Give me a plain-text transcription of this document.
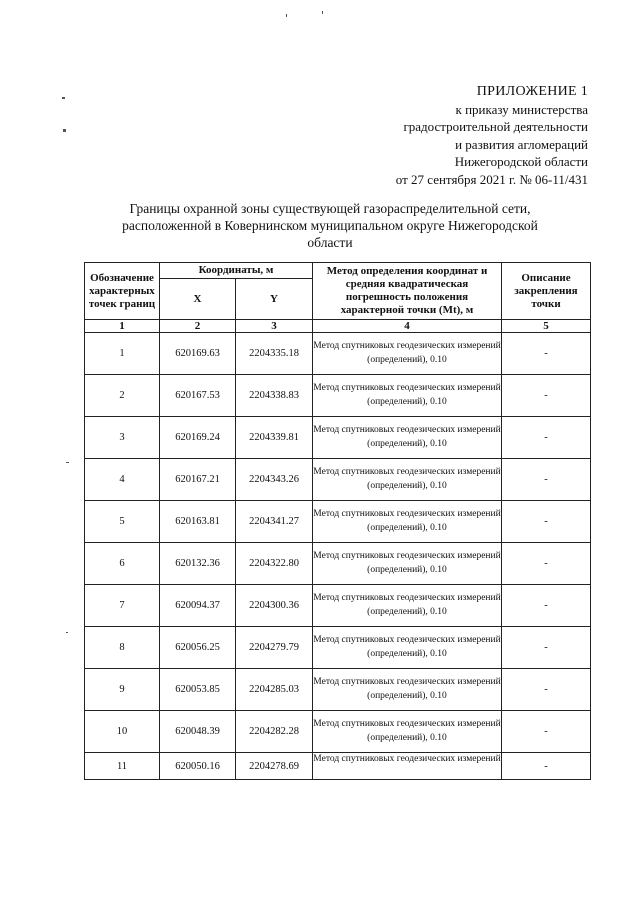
ПРИЛОЖЕНИЕ 1
к приказу министерства
градостроительной деятельности
и развития агломераций
Нижегородской области
от 27 сентября 2021 г. № 06-11/431
Границы охранной зоны существующей газораспределительной сети,
расположенной в Ковернинском муниципальном округе Нижегородской
области
Обозначение характерных точек границ	Координаты, м		Метод определения координат и средняя квадратическая погрешность положения характерной точки (Mt), м	Описание закрепления точки
	X	Y		
1	2	3	4	5
1	620169.63	2204335.18	Метод спутниковых геодезических измерений (определений), 0.10	-
2	620167.53	2204338.83	Метод спутниковых геодезических измерений (определений), 0.10	-
3	620169.24	2204339.81	Метод спутниковых геодезических измерений (определений), 0.10	-
4	620167.21	2204343.26	Метод спутниковых геодезических измерений (определений), 0.10	-
5	620163.81	2204341.27	Метод спутниковых геодезических измерений (определений), 0.10	-
6	620132.36	2204322.80	Метод спутниковых геодезических измерений (определений), 0.10	-
7	620094.37	2204300.36	Метод спутниковых геодезических измерений (определений), 0.10	-
8	620056.25	2204279.79	Метод спутниковых геодезических измерений (определений), 0.10	-
9	620053.85	2204285.03	Метод спутниковых геодезических измерений (определений), 0.10	-
10	620048.39	2204282.28	Метод спутниковых геодезических измерений (определений), 0.10	-
11	620050.16	2204278.69	Метод спутниковых геодезических измерений	-
